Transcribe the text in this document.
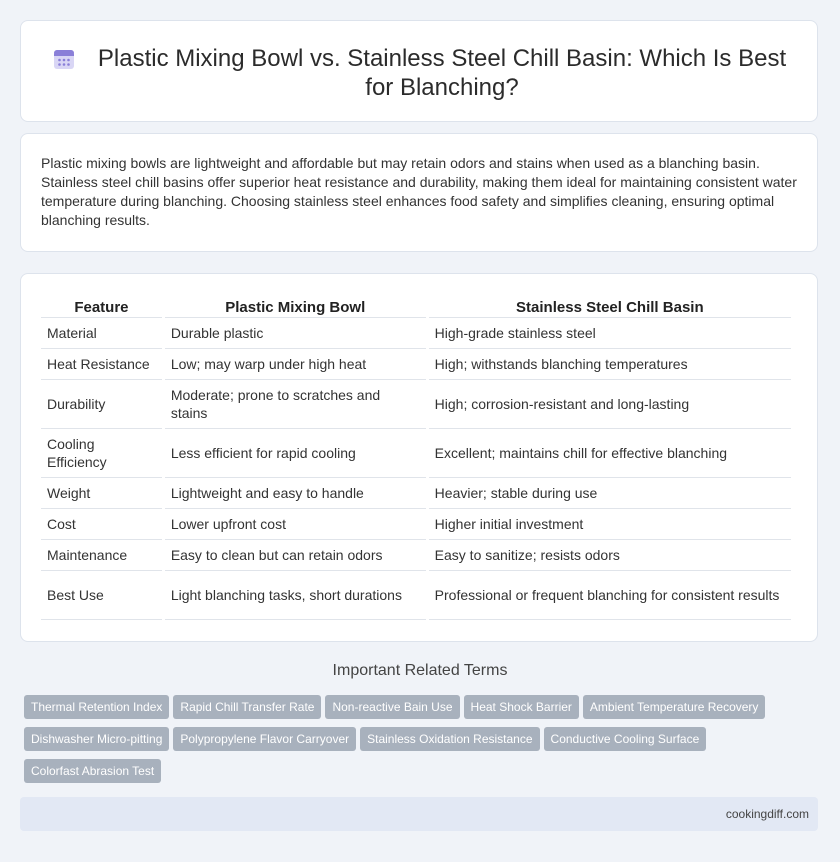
Plastic Mixing Bowl vs. Stainless Steel Chill Basin: Which Is Best for Blanching?

Plastic mixing bowls are lightweight and affordable but may retain odors and stains when used as a blanching basin. Stainless steel chill basins offer superior heat resistance and durability, making them ideal for maintaining consistent water temperature during blanching. Choosing stainless steel enhances food safety and simplifies cleaning, ensuring optimal blanching results.

Feature	Plastic Mixing Bowl	Stainless Steel Chill Basin
Material	Durable plastic	High-grade stainless steel
Heat Resistance	Low; may warp under high heat	High; withstands blanching temperatures
Durability	Moderate; prone to scratches and stains	High; corrosion-resistant and long-lasting
Cooling Efficiency	Less efficient for rapid cooling	Excellent; maintains chill for effective blanching
Weight	Lightweight and easy to handle	Heavier; stable during use
Cost	Lower upfront cost	Higher initial investment
Maintenance	Easy to clean but can retain odors	Easy to sanitize; resists odors
Best Use	Light blanching tasks, short durations	Professional or frequent blanching for consistent results
Important Related Terms
Thermal Retention Index Rapid Chill Transfer Rate Non-reactive Bain Use Heat Shock Barrier Ambient Temperature Recovery
Dishwasher Micro-pitting Polypropylene Flavor Carryover Stainless Oxidation Resistance Conductive Cooling Surface
Colorfast Abrasion Test
cookingdiff.com
